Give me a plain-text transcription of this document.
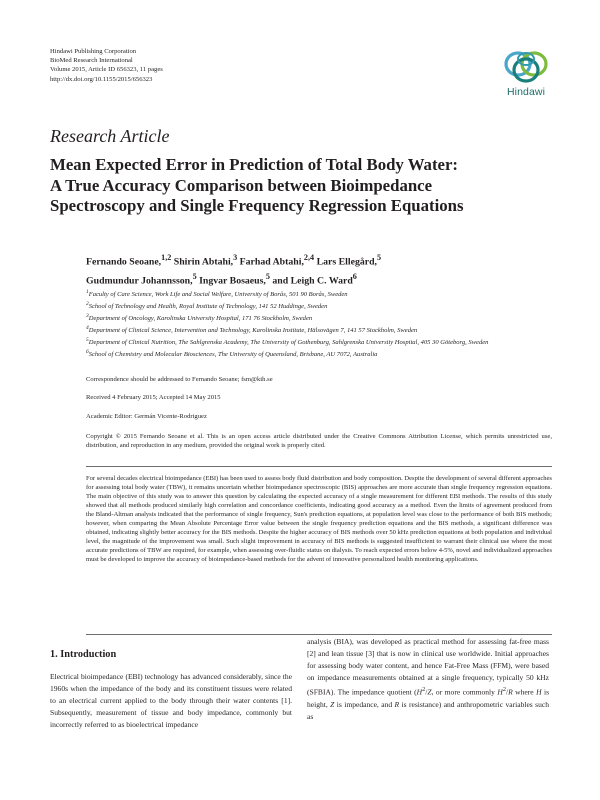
Hindawi Publishing Corporation
BioMed Research International
Volume 2015, Article ID 656323, 11 pages
http://dx.doi.org/10.1155/2015/656323
Hindawi
Research Article
Mean Expected Error in Prediction of Total Body Water:
A True Accuracy Comparison between Bioimpedance
Spectroscopy and Single Frequency Regression Equations
Fernando Seoane,$^{1,2}$ Shirin Abtahi,$^3$ Farhad Abtahi,$^{2,4}$ Lars Ellegård,$^5$
Gudmundur Johannsson,$^5$ Ingvar Bosaeus,$^5$ and Leigh C. Ward$^6$
$^1$Faculty of Care Science, Work Life and Social Welfare, University of Borås, 501 90 Borås, Sweden
$^2$School of Technology and Health, Royal Institute of Technology, 141 52 Huddinge, Sweden
$^3$Department of Oncology, Karolinska University Hospital, 171 76 Stockholm, Sweden
$^4$Department of Clinical Science, Intervention and Technology, Karolinska Institute, Hälsovägen 7, 141 57 Stockholm, Sweden
$^5$Department of Clinical Nutrition, The Sahlgrenska Academy, The University of Gothenburg, Sahlgrenska University Hospital, 405 30 Göteborg, Sweden
$^6$School of Chemistry and Molecular Biosciences, The University of Queensland, Brisbane, AU 7072, Australia
Correspondence should be addressed to Fernando Seoane; fsm@kth.se
Received 4 February 2015; Accepted 14 May 2015
Academic Editor: Germán Vicente-Rodriguez
Copyright © 2015 Fernando Seoane et al. This is an open access article distributed under the Creative Commons Attribution License, which permits unrestricted use, distribution, and reproduction in any medium, provided the original work is properly cited.
For several decades electrical bioimpedance (EBI) has been used to assess body fluid distribution and body composition. Despite the development of several different approaches for assessing total body water (TBW), it remains uncertain whether bioimpedance spectroscopic (BIS) approaches are more accurate than single frequency regression equations. The main objective of this study was to answer this question by calculating the expected accuracy of a single measurement for different EBI methods. The results of this study showed that all methods produced similarly high correlation and concordance coefficients, indicating good accuracy as a method. Even the limits of agreement produced from the Bland-Altman analysis indicated that the performance of single frequency, Sun's prediction equations, at population level was close to the performance of both BIS methods; however, when comparing the Mean Absolute Percentage Error value between the single frequency prediction equations and the BIS methods, a significant difference was obtained, indicating slightly better accuracy for the BIS methods. Despite the higher accuracy of BIS methods over 50 kHz prediction equations at both population and individual level, the magnitude of the improvement was small. Such slight improvement in accuracy of BIS methods is suggested insufficient to warrant their clinical use where the most accurate predictions of TBW are required, for example, when assessing over-fluidic status on dialysis. To reach expected errors below 4-5%, novel and individualized approaches must be developed to improve the accuracy of bioimpedance-based methods for the advent of innovative personalized health monitoring applications.
1. Introduction

Electrical bioimpedance (EBI) technology has advanced considerably, since the 1960s when the impedance of the body and its constituent tissues were related to an electrical current applied to the body through their water contents [1]. Subsequently, measurement of tissue and body impedance, commonly but incorrectly referred to as bioelectrical impedance

analysis (BIA), was developed as practical method for assessing fat-free mass [2] and lean tissue [3] that is now in clinical use worldwide. Initial approaches for assessing body water content, and hence Fat-Free Mass (FFM), were based on impedance measurements obtained at a single frequency, typically 50 kHz (SFBIA). The impedance quotient ($H^2/Z$, or more commonly $H^2/R$ where H is height, Z is impedance, and R is resistance) and anthropometric variables such as
